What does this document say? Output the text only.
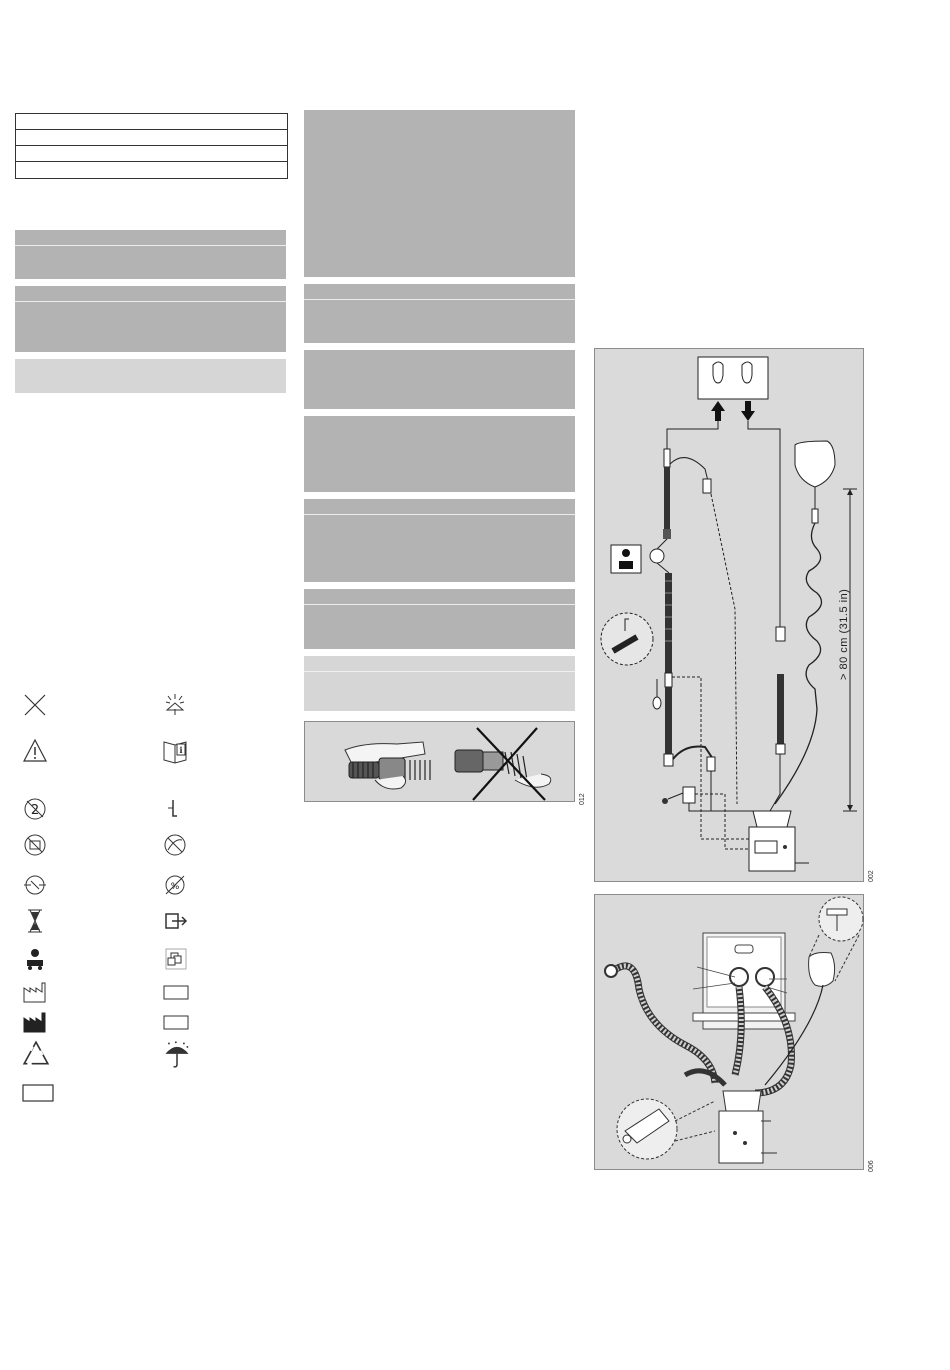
012
> 80 cm (31.5 in)
002
006
i
2
%
